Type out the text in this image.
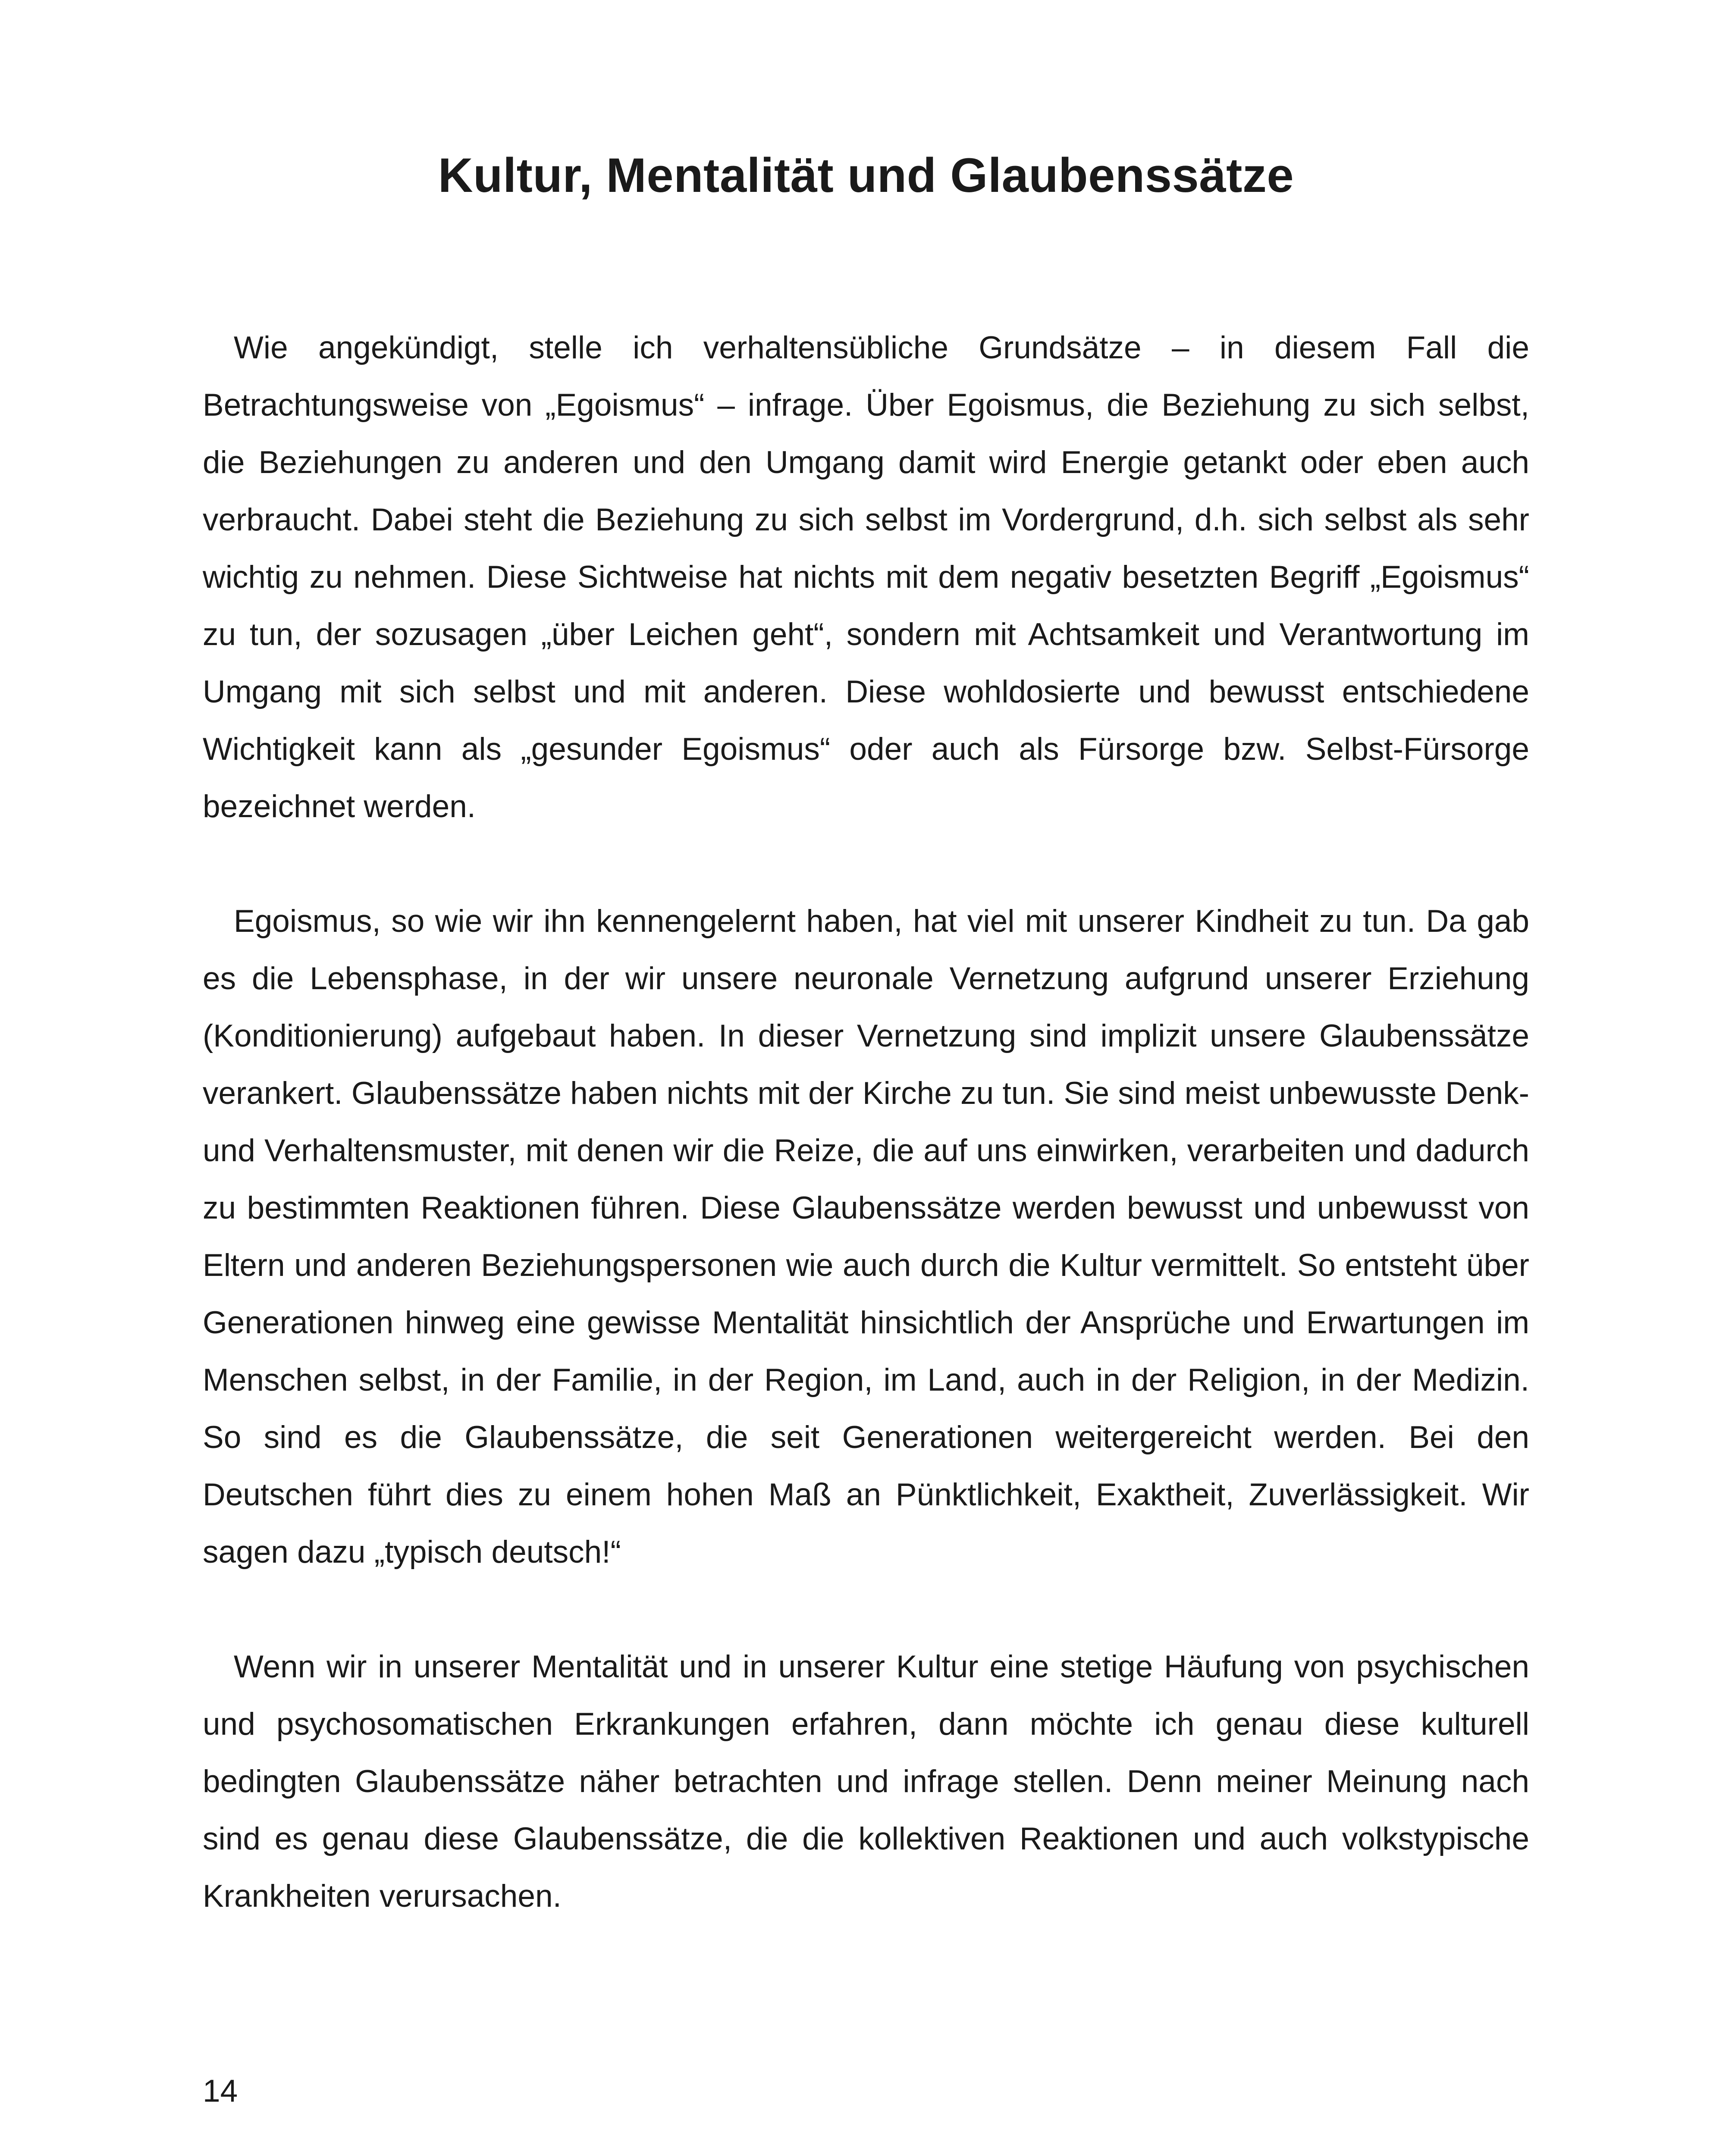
Kultur, Mentalität und Glaubenssätze

Wie angekündigt, stelle ich verhaltensübliche Grundsätze – in diesem Fall die Betrachtungsweise von „Egoismus“ – infrage. Über Egoismus, die Beziehung zu sich selbst, die Beziehungen zu anderen und den Umgang damit wird Energie getankt oder eben auch verbraucht. Dabei steht die Beziehung zu sich selbst im Vordergrund, d.h. sich selbst als sehr wichtig zu nehmen. Diese Sichtweise hat nichts mit dem negativ besetzten Begriff „Egoismus“ zu tun, der sozusagen „über Leichen geht“, sondern mit Achtsamkeit und Verantwortung im Umgang mit sich selbst und mit anderen. Diese wohldosierte und bewusst entschiedene Wichtigkeit kann als „gesunder Egoismus“ oder auch als Fürsorge bzw. Selbst-Fürsorge bezeichnet werden.

Egoismus, so wie wir ihn kennengelernt haben, hat viel mit unserer Kindheit zu tun. Da gab es die Lebensphase, in der wir unsere neuronale Vernetzung aufgrund unserer Erziehung (Konditionierung) aufgebaut haben. In dieser Vernetzung sind implizit unsere Glaubenssätze verankert. Glaubenssätze haben nichts mit der Kirche zu tun. Sie sind meist unbewusste Denk- und Verhaltensmuster, mit denen wir die Reize, die auf uns einwirken, verarbeiten und dadurch zu bestimmten Reaktionen führen. Diese Glaubenssätze werden bewusst und unbewusst von Eltern und anderen Beziehungspersonen wie auch durch die Kultur vermittelt. So entsteht über Generationen hinweg eine gewisse Mentalität hinsichtlich der Ansprüche und Erwartungen im Menschen selbst, in der Familie, in der Region, im Land, auch in der Religion, in der Medizin. So sind es die Glaubenssätze, die seit Generationen weitergereicht werden. Bei den Deutschen führt dies zu einem hohen Maß an Pünktlichkeit, Exaktheit, Zuverlässigkeit. Wir sagen dazu „typisch deutsch!“

Wenn wir in unserer Mentalität und in unserer Kultur eine stetige Häufung von psychischen und psychosomatischen Erkrankungen erfahren, dann möchte ich genau diese kulturell bedingten Glaubenssätze näher betrachten und infrage stellen. Denn meiner Meinung nach sind es genau diese Glaubenssätze, die die kollektiven Reaktionen und auch volkstypische Krankheiten verursachen.

14
